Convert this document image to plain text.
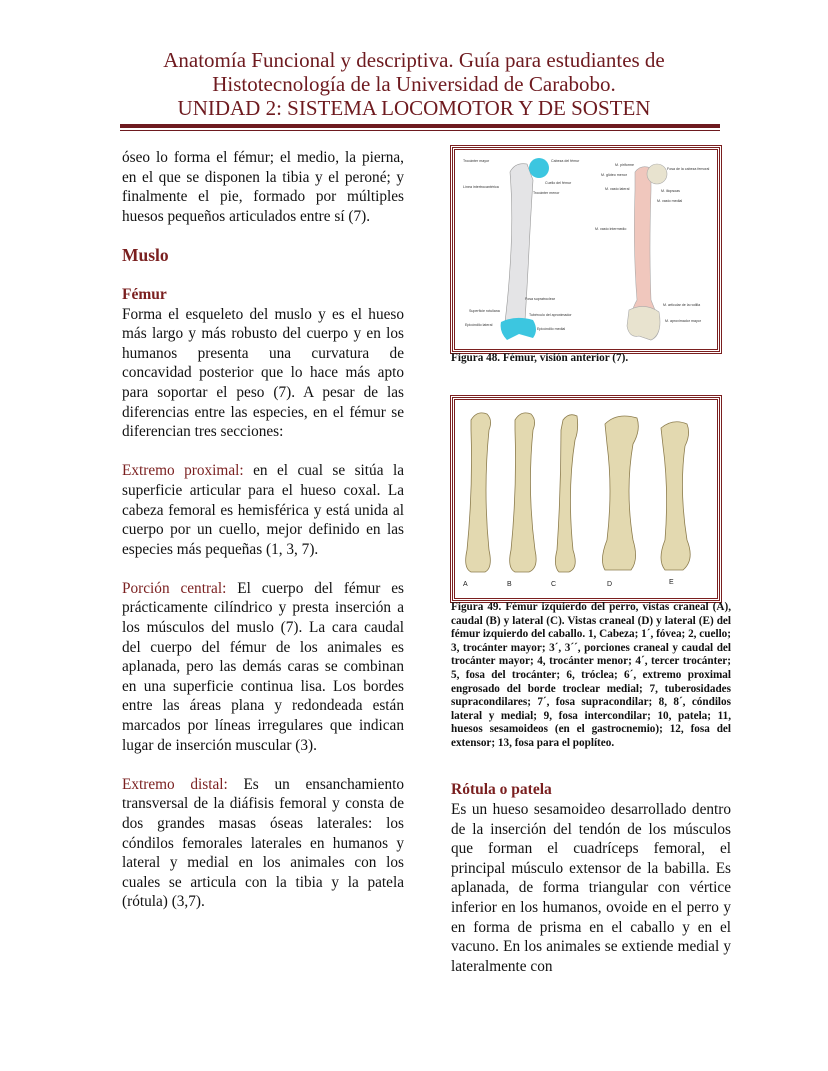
Anatomía Funcional y descriptiva. Guía para estudiantes de
Histotecnología de la Universidad de Carabobo.
UNIDAD 2: SISTEMA LOCOMOTOR Y DE SOSTEN

óseo lo forma el fémur; el medio, la pierna, en el que se disponen la tibia y el peroné; y finalmente el pie, formado por múltiples huesos pequeños articulados entre sí (7).

Muslo
Fémur

Forma el esqueleto del muslo y es el hueso más largo y más robusto del cuerpo y en los humanos presenta una curvatura de concavidad posterior que lo hace más apto para soportar el peso (7). A pesar de las diferencias entre las especies, en el fémur se diferencian tres secciones:

Extremo proximal: en el cual se sitúa la superficie articular para el hueso coxal. La cabeza femoral es hemisférica y está unida al cuerpo por un cuello, mejor definido en las especies más pequeñas (1, 3, 7).

Porción central: El cuerpo del fémur es prácticamente cilíndrico y presta inserción a los músculos del muslo (7). La cara caudal del cuerpo del fémur de los animales es aplanada, pero las demás caras se combinan en una superficie continua lisa. Los bordes entre las áreas plana y redondeada están marcados por líneas irregulares que indican lugar de inserción muscular (3).

Extremo distal: Es un ensanchamiento transversal de la diáfisis femoral y consta de dos grandes masas óseas laterales: los cóndilos femorales laterales en humanos y lateral y medial en los animales con los cuales se articula con la tibia y la patela (rótula) (3,7).

Trocánter mayor	Cabeza del fémur
Cuello del fémur
Línea intertrocantérica
Trocánter menor
Fosa supratroclear
Superficie rotuliana
Tubérculo del aproximador
Epicóndilo lateral
Epicóndilo medial
M. piriforme
Fosa de la cabeza femoral
M. glúteo menor
M. vasto lateral	M. iliopsoas
M. vasto medial
M. vasto intermedio
M. articular de la rodilla
M. aproximador mayor
Figura 48. Fémur, visión anterior (7).
A	B	C	D	E
Figura 49. Fémur izquierdo del perro, vistas craneal (A), caudal (B) y lateral (C). Vistas craneal (D) y lateral (E) del fémur izquierdo del caballo. 1, Cabeza; 1´, fóvea; 2, cuello; 3, trocánter mayor; 3´, 3´´, porciones craneal y caudal del trocánter mayor; 4, trocánter menor; 4´, tercer trocánter; 5, fosa del trocánter; 6, tróclea; 6´, extremo proximal engrosado del borde troclear medial; 7, tuberosidades supracondilares; 7´, fosa supracondilar; 8, 8´, cóndilos lateral y medial; 9, fosa intercondilar; 10, patela; 11, huesos sesamoideos (en el gastrocnemio); 12, fosa del extensor; 13, fosa para el poplíteo.
Rótula o patela

Es un hueso sesamoideo desarrollado dentro de la inserción del tendón de los músculos que forman el cuadríceps femoral, el principal músculo extensor de la babilla. Es aplanada, de forma triangular con vértice inferior en los humanos, ovoide en el perro y en forma de prisma en el caballo y en el vacuno. En los animales se extiende medial y lateralmente con
